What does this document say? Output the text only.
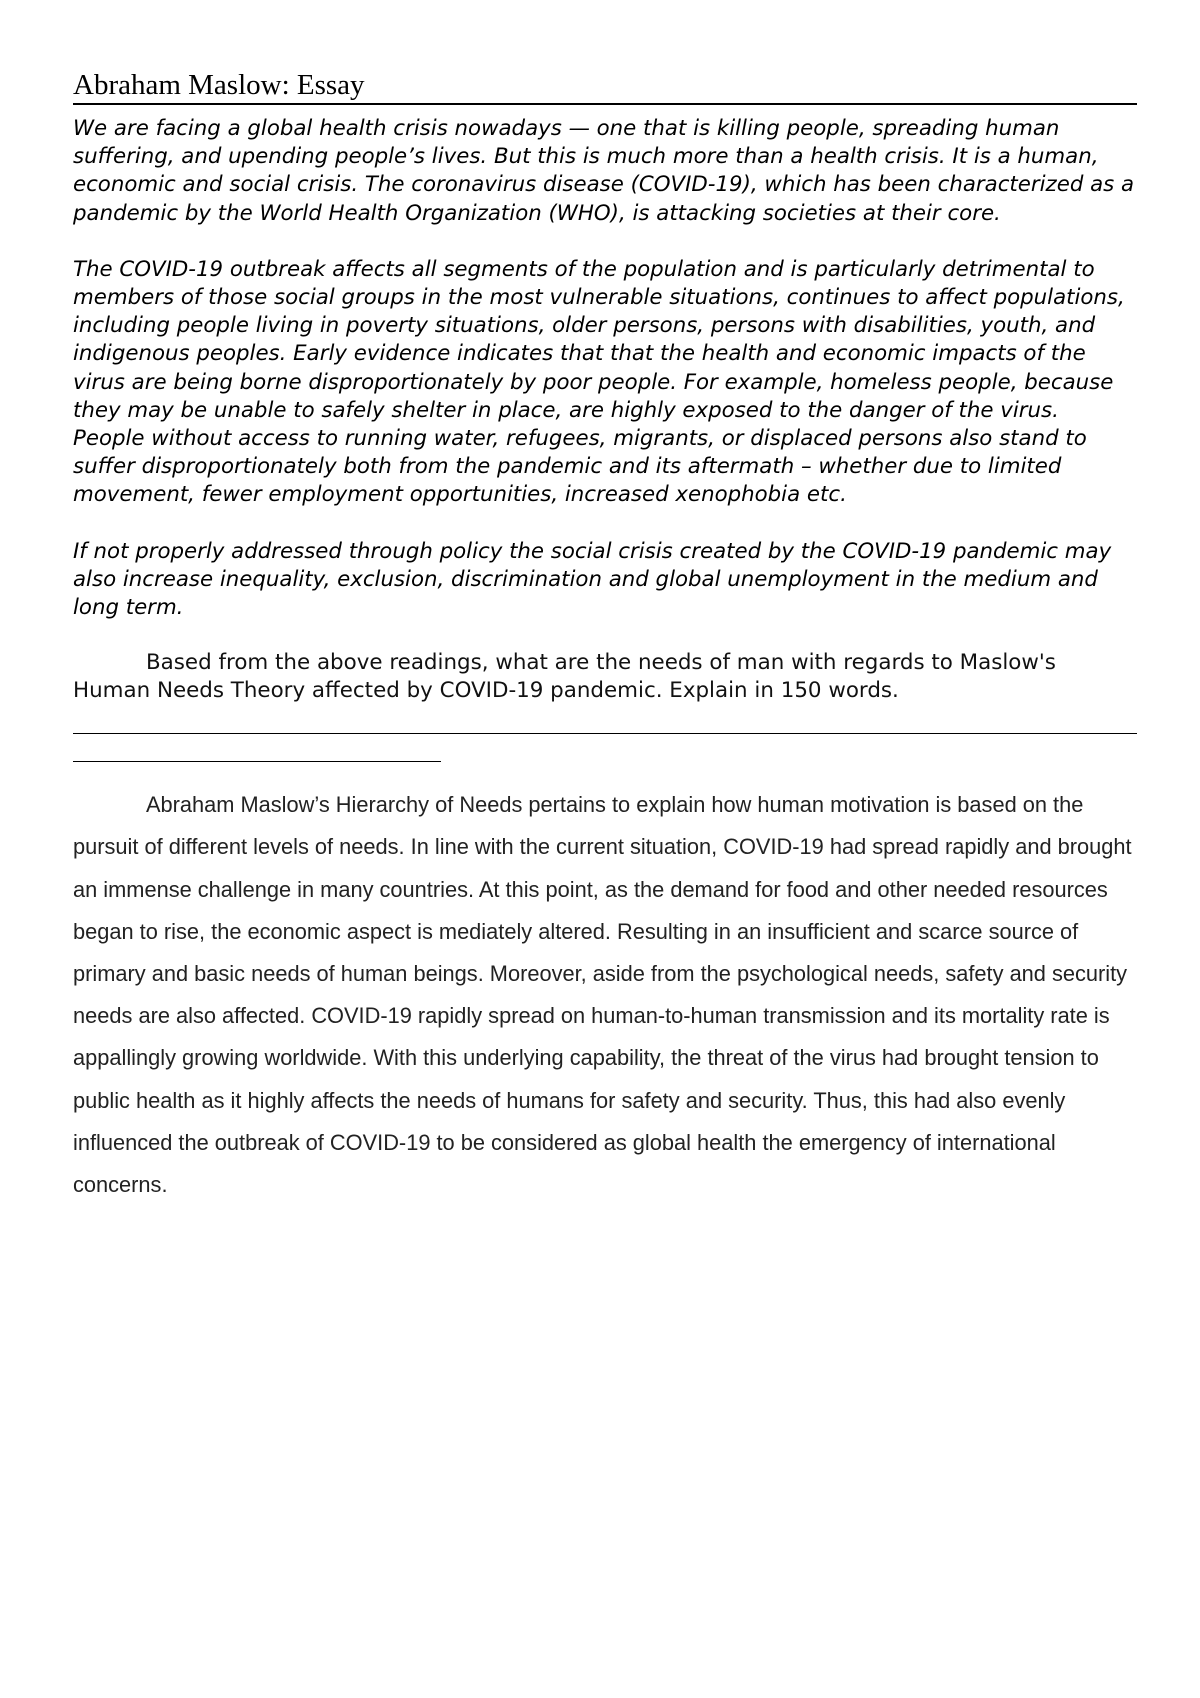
Abraham Maslow: Essay

We are facing a global health crisis nowadays — one that is killing people, spreading human suffering, and upending people’s lives. But this is much more than a health crisis. It is a human, economic and social crisis. The coronavirus disease (COVID-19), which has been characterized as a pandemic by the World Health Organization (WHO), is attacking societies at their core.

The COVID-19 outbreak affects all segments of the population and is particularly detrimental to members of those social groups in the most vulnerable situations, continues to affect populations, including people living in poverty situations, older persons, persons with disabilities, youth, and indigenous peoples. Early evidence indicates that that the health and economic impacts of the virus are being borne disproportionately by poor people. For example, homeless people, because they may be unable to safely shelter in place, are highly exposed to the danger of the virus. People without access to running water, refugees, migrants, or displaced persons also stand to suffer disproportionately both from the pandemic and its aftermath – whether due to limited movement, fewer employment opportunities, increased xenophobia etc.

If not properly addressed through policy the social crisis created by the COVID-19 pandemic may also increase inequality, exclusion, discrimination and global unemployment in the medium and long term.

Based from the above readings, what are the needs of man with regards to Maslow's Human Needs Theory affected by COVID-19 pandemic. Explain in 150 words.

Abraham Maslow’s Hierarchy of Needs pertains to explain how human motivation is based on the pursuit of different levels of needs. In line with the current situation, COVID-19 had spread rapidly and brought an immense challenge in many countries. At this point, as the demand for food and other needed resources began to rise, the economic aspect is mediately altered. Resulting in an insufficient and scarce source of primary and basic needs of human beings. Moreover, aside from the psychological needs, safety and security needs are also affected. COVID-19 rapidly spread on human-to-human transmission and its mortality rate is appallingly growing worldwide. With this underlying capability, the threat of the virus had brought tension to public health as it highly affects the needs of humans for safety and security. Thus, this had also evenly influenced the outbreak of COVID-19 to be considered as global health the emergency of international concerns.
